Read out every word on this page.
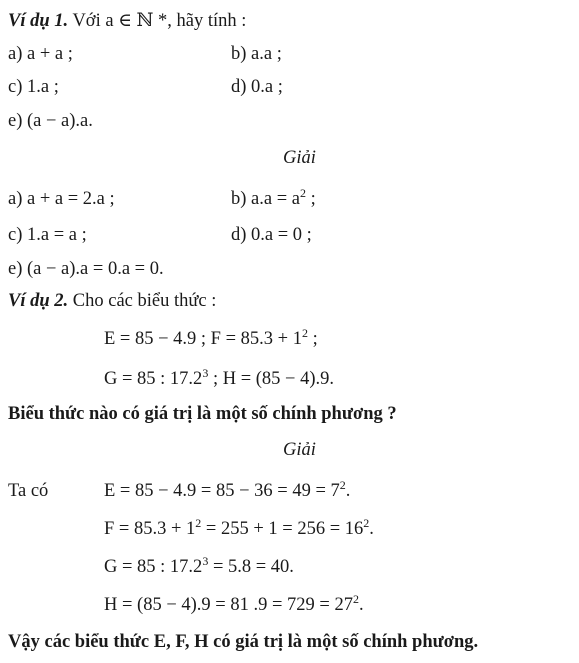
Ví dụ 1. Với a ∈ ℕ *, hãy tính :
a) a + a ;	b) a.a ;
c) 1.a ;	d) 0.a ;
e) (a − a).a.
Giải
a) a + a = 2.a ;	b) $a.a = a^2$ ;
c) 1.a = a ;	d) 0.a = 0 ;
e) (a − a).a = 0.a = 0.
Ví dụ 2. Cho các biểu thức :
E = 85 − 4.9 ; $F = 85.3 + 1^2$ ;
G = 85 : 17.2$^3$ ; H = (85 − 4).9.
Biểu thức nào có giá trị là một số chính phương ?
Giải
Ta có	$E = 85 - 4.9 = 85 - 36 = 49 = 7^2$.
$F = 85.3 + 1^2 = 255 + 1 = 256 = 16^2$.
G = 85 : $17.2^3 = 5.8 = 40$.
H = (85 − 4).9 = 81 $.9 = 729 = 27^2$.
Vậy các biểu thức E, F, H có giá trị là một số chính phương.
